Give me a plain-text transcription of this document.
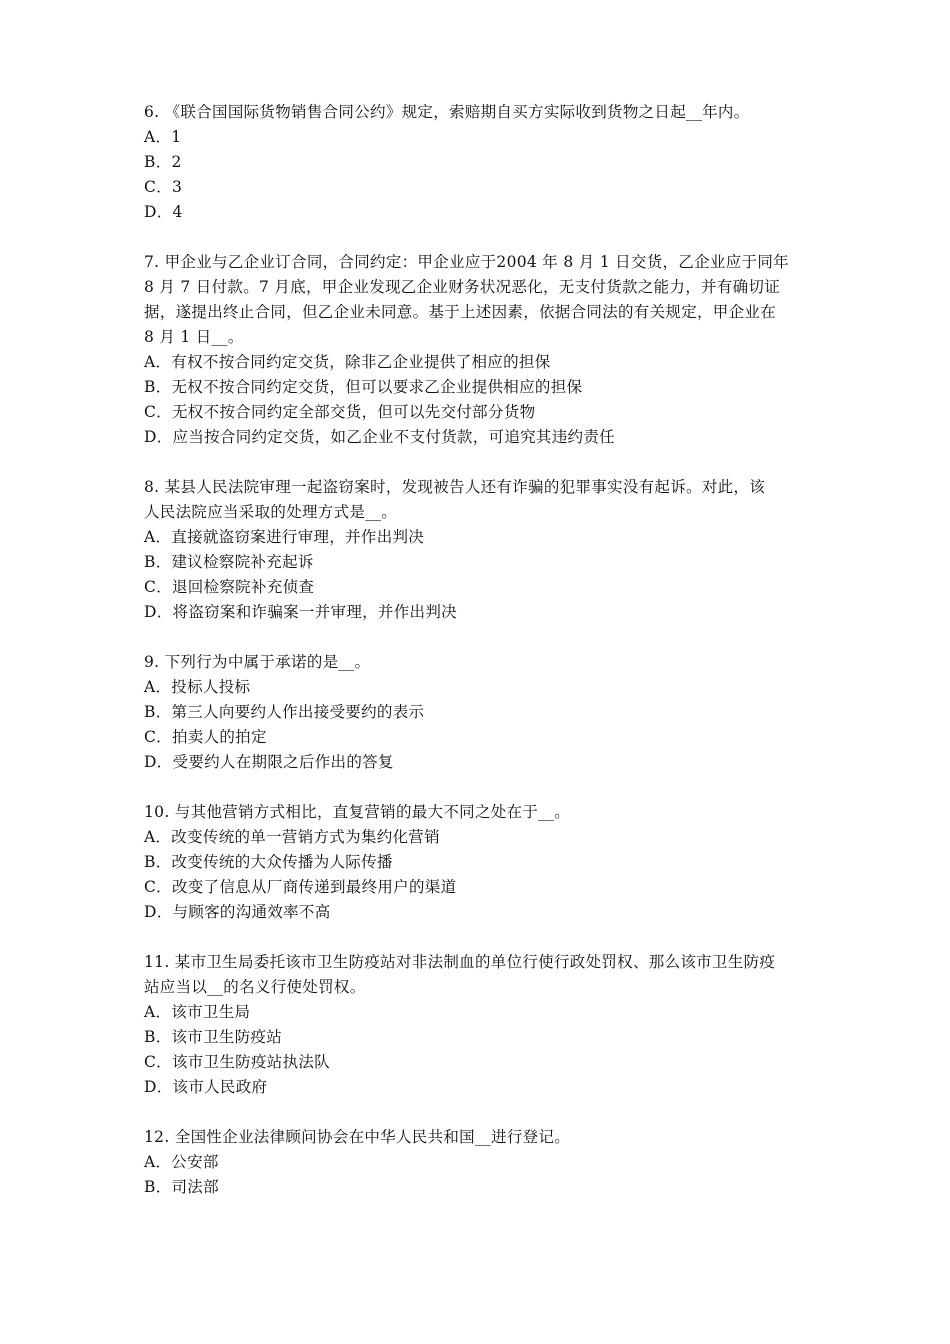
6. 《联合国国际货物销售合同公约》规定，索赔期自买方实际收到货物之日起__年内。

A．1
B．2
C．3
D．4

7. 甲企业与乙企业订合同，合同约定：甲企业应于2004 年 8 月 1 日交货，乙企业应于同年
8 月 7 日付款。7 月底，甲企业发现乙企业财务状况恶化，无支付货款之能力，并有确切证
据，遂提出终止合同，但乙企业未同意。基于上述因素，依据合同法的有关规定，甲企业在
8 月 1 日__。

A．有权不按合同约定交货，除非乙企业提供了相应的担保
B．无权不按合同约定交货，但可以要求乙企业提供相应的担保
C．无权不按合同约定全部交货，但可以先交付部分货物
D．应当按合同约定交货，如乙企业不支付货款，可追究其违约责任

8. 某县人民法院审理一起盗窃案时，发现被告人还有诈骗的犯罪事实没有起诉。对此，该
人民法院应当采取的处理方式是__。

A．直接就盗窃案进行审理，并作出判决
B．建议检察院补充起诉
C．退回检察院补充侦查
D．将盗窃案和诈骗案一并审理，并作出判决

9. 下列行为中属于承诺的是__。

A．投标人投标
B．第三人向要约人作出接受要约的表示
C．拍卖人的拍定
D．受要约人在期限之后作出的答复

10. 与其他营销方式相比，直复营销的最大不同之处在于__。

A．改变传统的单一营销方式为集约化营销
B．改变传统的大众传播为人际传播
C．改变了信息从厂商传递到最终用户的渠道
D．与顾客的沟通效率不高

11. 某市卫生局委托该市卫生防疫站对非法制血的单位行使行政处罚权、那么该市卫生防疫
站应当以__的名义行使处罚权。

A．该市卫生局
B．该市卫生防疫站
C．该市卫生防疫站执法队
D．该市人民政府

12. 全国性企业法律顾问协会在中华人民共和国__进行登记。

A．公安部
B．司法部
